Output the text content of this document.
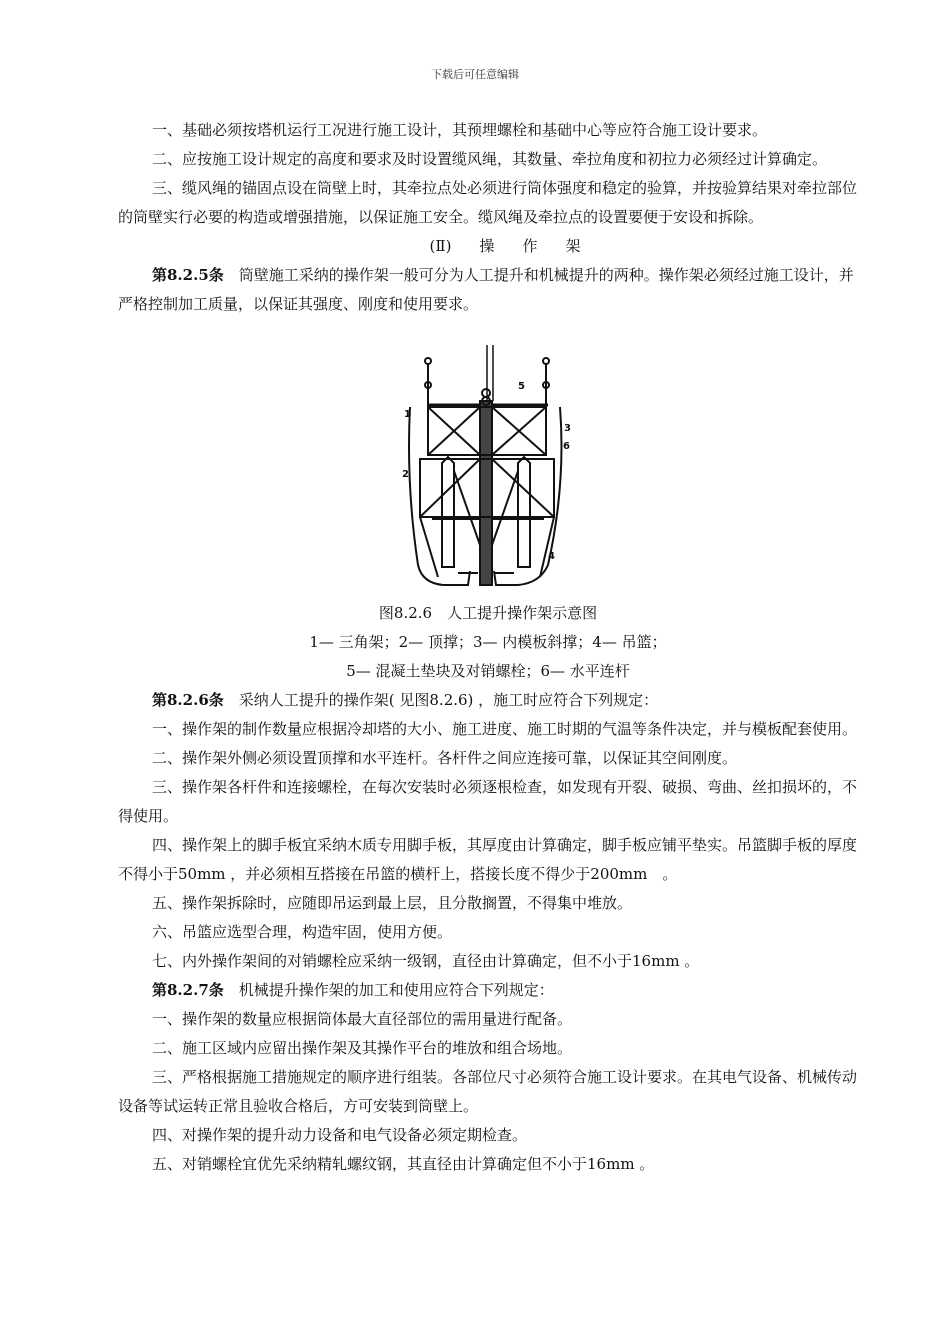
下载后可任意编辑

一、基础必须按塔机运行工况进行施工设计，其预埋螺栓和基础中心等应符合施工设计要求。

二、应按施工设计规定的高度和要求及时设置缆风绳，其数量、牵拉角度和初拉力必须经过计算确定。

三、缆风绳的锚固点设在筒壁上时，其牵拉点处必须进行筒体强度和稳定的验算，并按验算结果对牵拉部位的筒壁实行必要的构造或增强措施，以保证施工安全。缆风绳及牵拉点的设置要便于安设和拆除。

(Ⅱ) 操 作 架

第8.2.5条　筒壁施工采纳的操作架一般可分为人工提升和机械提升的两种。操作架必须经过施工设计，并严格控制加工质量，以保证其强度、刚度和使用要求。

1
2
3
4
5
6

图8.2.6　人工提升操作架示意图

1— 三角架；2— 顶撑；3— 内模板斜撑；4— 吊篮；

5— 混凝土垫块及对销螺栓；6— 水平连杆

第8.2.6条　采纳人工提升的操作架( 见图8.2.6) ，施工时应符合下列规定：

一、操作架的制作数量应根据冷却塔的大小、施工进度、施工时期的气温等条件决定，并与模板配套使用。

二、操作架外侧必须设置顶撑和水平连杆。各杆件之间应连接可靠，以保证其空间刚度。

三、操作架各杆件和连接螺栓，在每次安装时必须逐根检查，如发现有开裂、破损、弯曲、丝扣损坏的，不得使用。

四、操作架上的脚手板宜采纳木质专用脚手板，其厚度由计算确定，脚手板应铺平垫实。吊篮脚手板的厚度不得小于50mm ，并必须相互搭接在吊篮的横杆上，搭接长度不得少于200mm　。

五、操作架拆除时，应随即吊运到最上层，且分散搁置，不得集中堆放。

六、吊篮应选型合理，构造牢固，使用方便。

七、内外操作架间的对销螺栓应采纳一级钢，直径由计算确定，但不小于16mm 。

第8.2.7条　机械提升操作架的加工和使用应符合下列规定：

一、操作架的数量应根据筒体最大直径部位的需用量进行配备。

二、施工区域内应留出操作架及其操作平台的堆放和组合场地。

三、严格根据施工措施规定的顺序进行组装。各部位尺寸必须符合施工设计要求。在其电气设备、机械传动设备等试运转正常且验收合格后，方可安装到筒壁上。

四、对操作架的提升动力设备和电气设备必须定期检查。

五、对销螺栓宜优先采纳精轧螺纹钢，其直径由计算确定但不小于16mm 。
